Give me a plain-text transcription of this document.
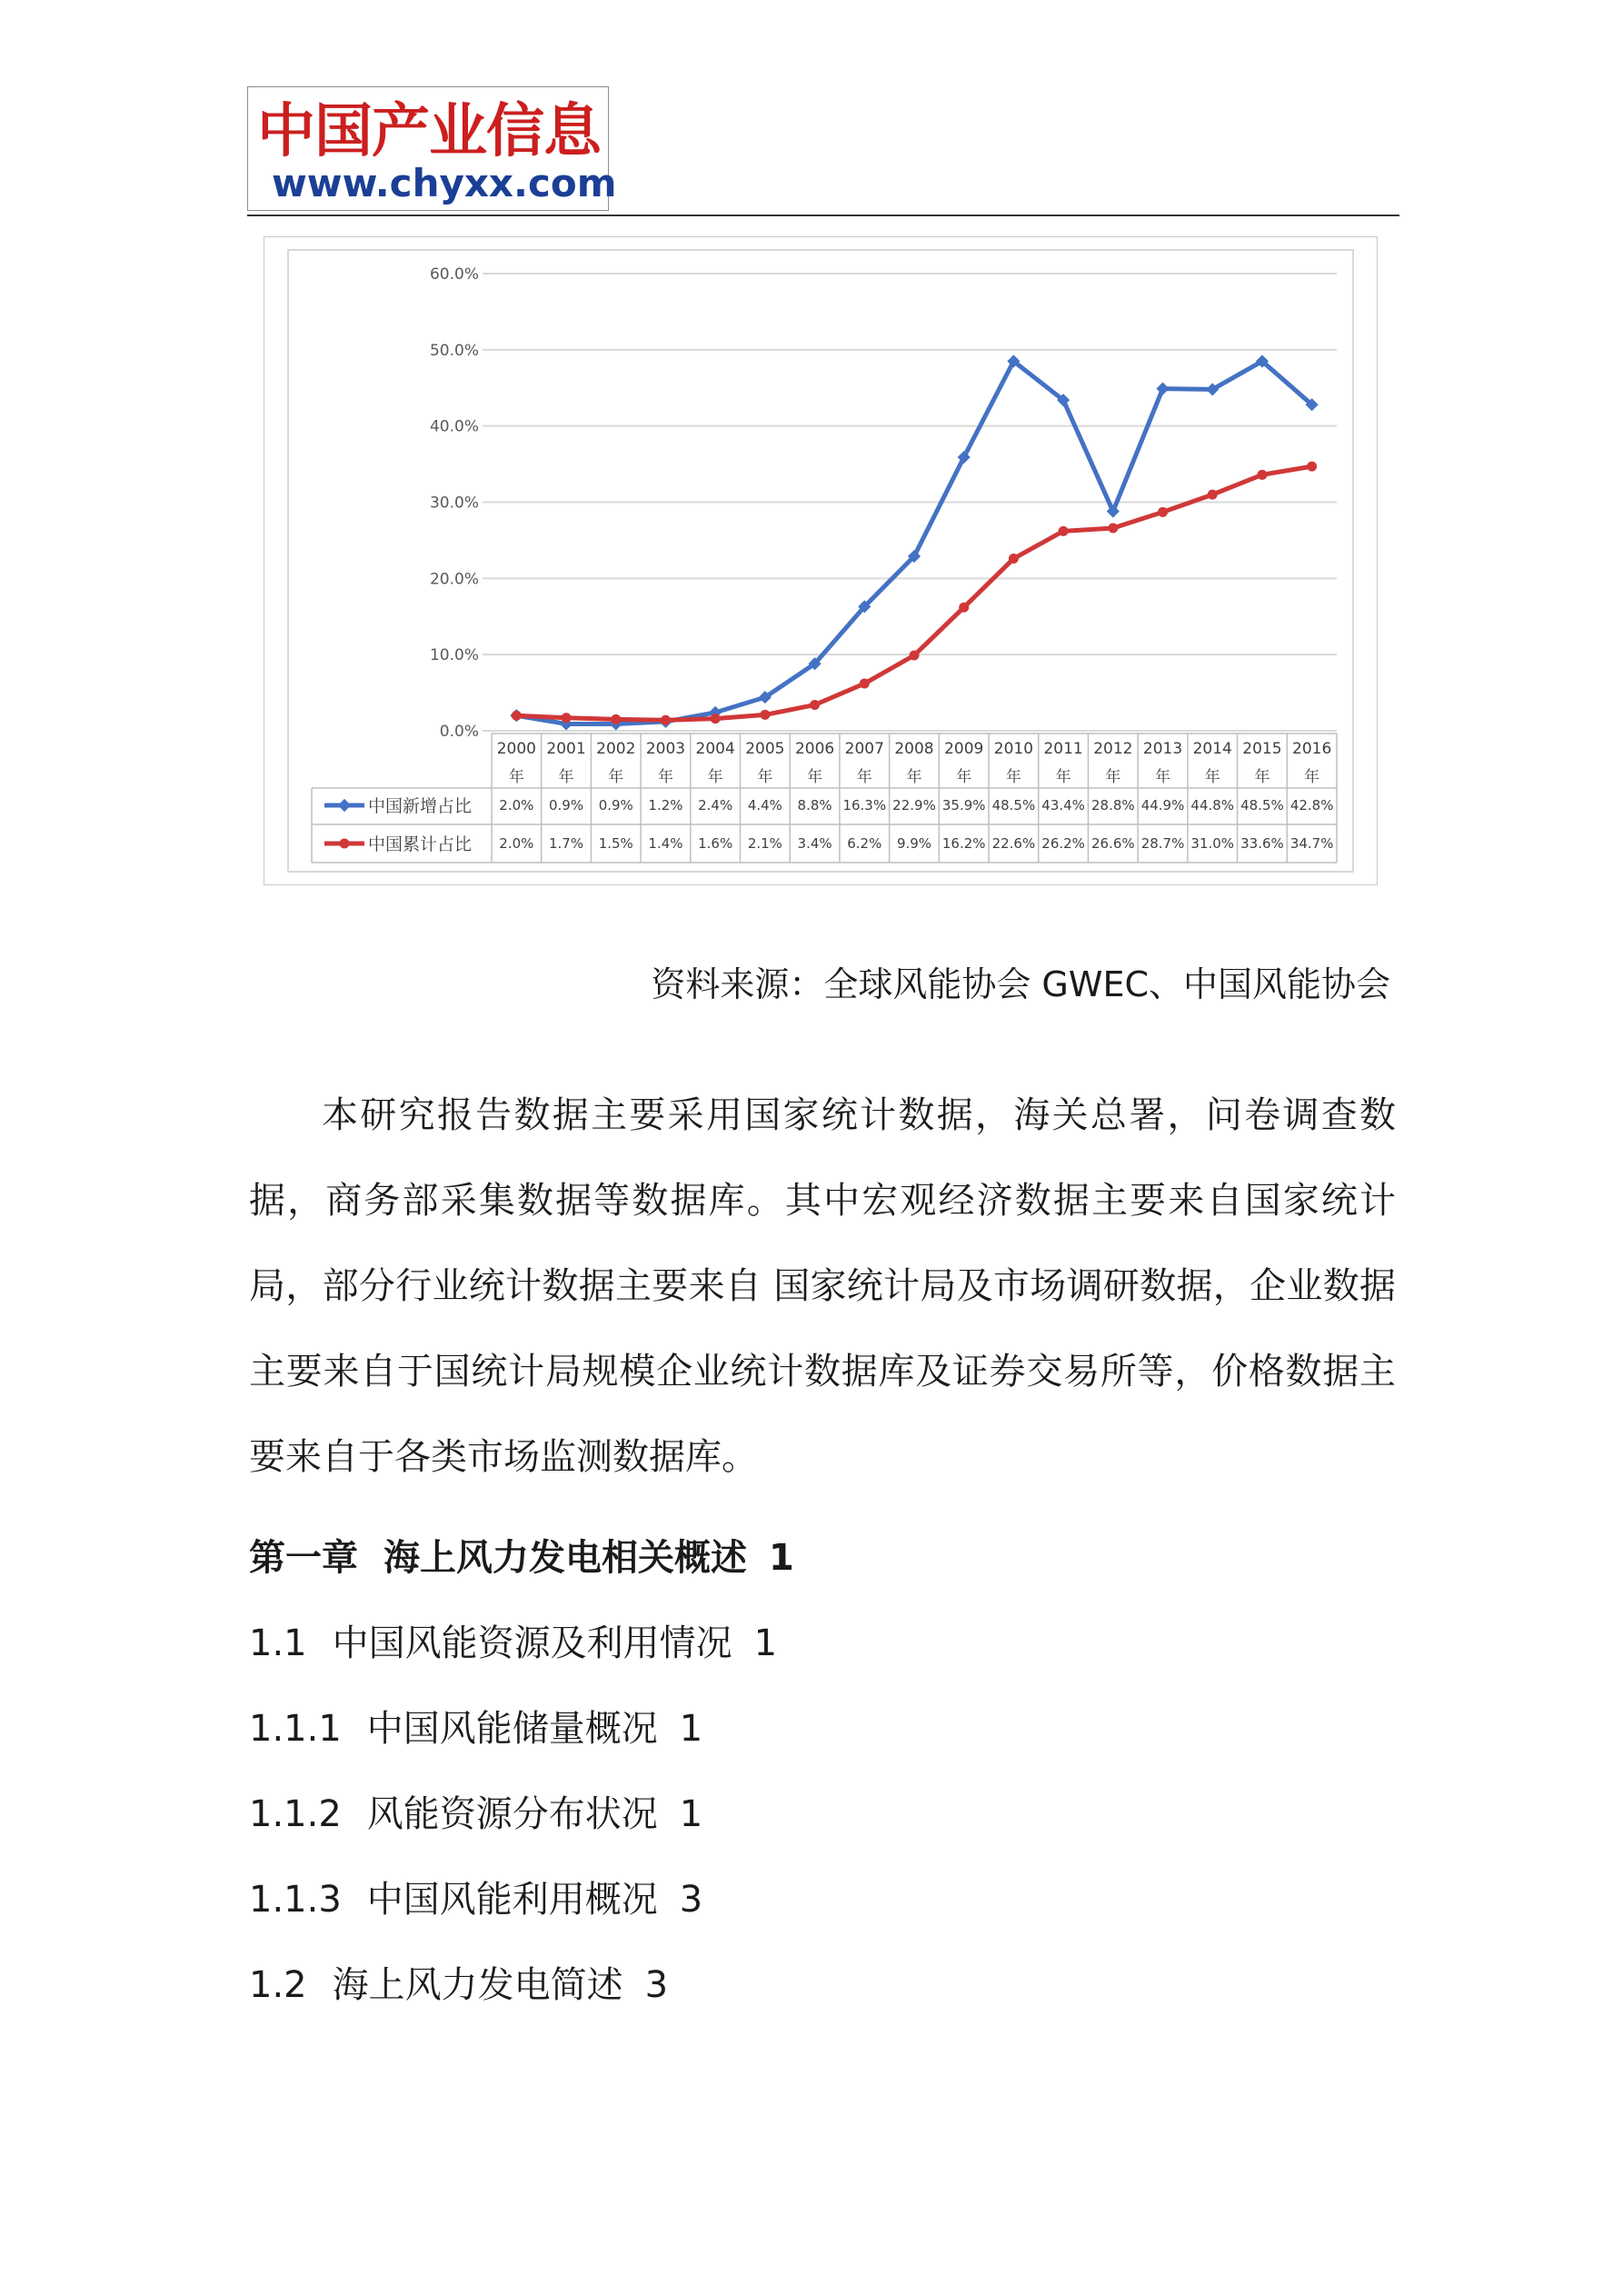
中国产业信息
www.chyxx.com
60.0%
50.0%
40.0%
30.0%
20.0%
10.0%
0.0%
2000
年
2001
年
2002
年
2003
年
2004
年
2005
年
2006
年
2007
年
2008
年
2009
年
2010
年
2011
年
2012
年
2013
年
2014
年
2015
年
2016
年
2.0% 0.9% 0.9% 1.2% 2.4% 4.4% 8.8% 16.3% 22.9% 35.9% 48.5% 43.4% 28.8% 44.9% 44.8% 48.5% 42.8%
中国新增占比
2.0% 1.7% 1.5% 1.4% 1.6% 2.1% 3.4% 6.2% 9.9% 16.2% 22.6% 26.2% 26.6% 28.7% 31.0% 33.6% 34.7%
中国累计占比
资料来源：全球风能协会 GWEC、中国风能协会

本研究报告数据主要采用国家统计数据，海关总署，问卷调查数据，商务部采集数据等数据库。其中宏观经济数据主要来自国家统计局，部分行业统计数据主要来自 国家统计局及市场调研数据，企业数据主要来自于国统计局规模企业统计数据库及证券交易所等，价格数据主要来自于各类市场监测数据库。

第一章 海上风力发电相关概述 1
1.1 中国风能资源及利用情况 1
1.1.1 中国风能储量概况 1
1.1.2 风能资源分布状况 1
1.1.3 中国风能利用概况 3
1.2 海上风力发电简述 3
